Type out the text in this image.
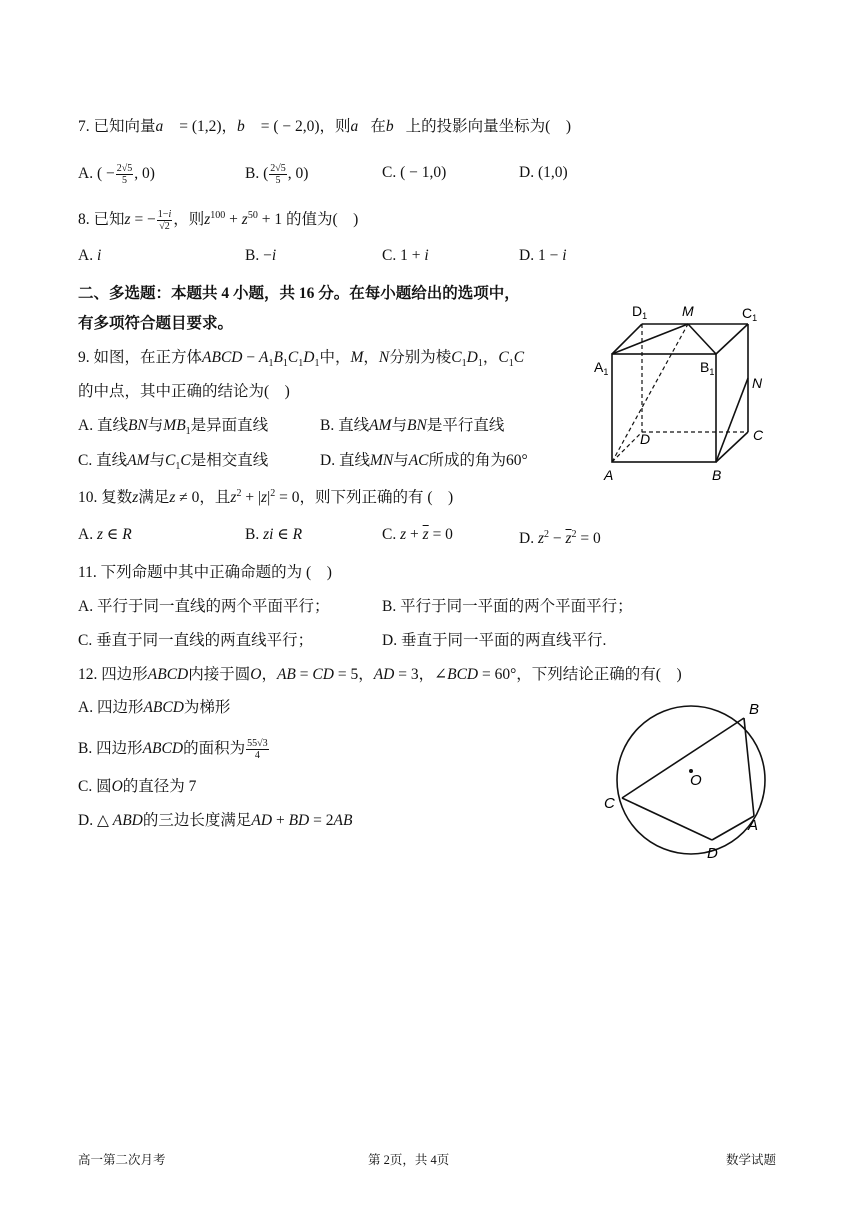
7. 已知向量a⃗ = (1,2)，b⃗ = ( − 2,0)，则a⃗在b⃗上的投影向量坐标为(　)
A. ( − $\frac{2√5}{5}$ , 0)	B. ( $\frac{2√5}{5}$ , 0)	C. ( − 1,0)	D. (1,0)
8. 已知z = − $\frac{1-i}{√2}$ ，则$z^{100} + z^{50} + 1$ 的值为(　)
A. i	B. −i	C. 1 + i	D. 1 − i
二、多选题：本题共 4 小题，共 16 分。在每小题给出的选项中，
有多项符合题目要求。
9. 如图，在正方体ABCD − $A_1B_1C_1D_1$中，M，N分别为棱$C_1D_1$，$C_1C$
的中点，其中正确的结论为(　)
A. 直线BN与$MB_1$是异面直线	B. 直线AM与BN是平行直线
C. 直线AM与$C_1C$是相交直线	D. 直线MN与AC所成的角为60°
$D_1$ M	$C_1$
$A_1$	$B_1$
N
D	C
A	B
10. 复数z满足z ≠ 0，且$z^2 + |z|^2 = 0$，则下列正确的有 (　)
A. z ∈ R	B. zi ∈ R	C. $z + \overline{z} = 0$	D. $z^2 - \overline{z}^2 = 0$
11. 下列命题中其中正确命题的为 (　)
A. 平行于同一直线的两个平面平行；	B. 平行于同一平面的两个平面平行；
C. 垂直于同一直线的两直线平行；	D. 垂直于同一平面的两直线平行.
12. 四边形ABCD内接于圆O，AB = CD = 5，AD = 3，∠BCD = 60°，下列结论正确的有(　)
A. 四边形ABCD为梯形
B. 四边形ABCD的面积为 $\frac{55√3}{4}$
C. 圆O的直径为 7
D. △ ABD的三边长度满足AD + BD = 2AB
B
O
C
A
D
高一第二次月考	第 2页，共 4页	数学试题
